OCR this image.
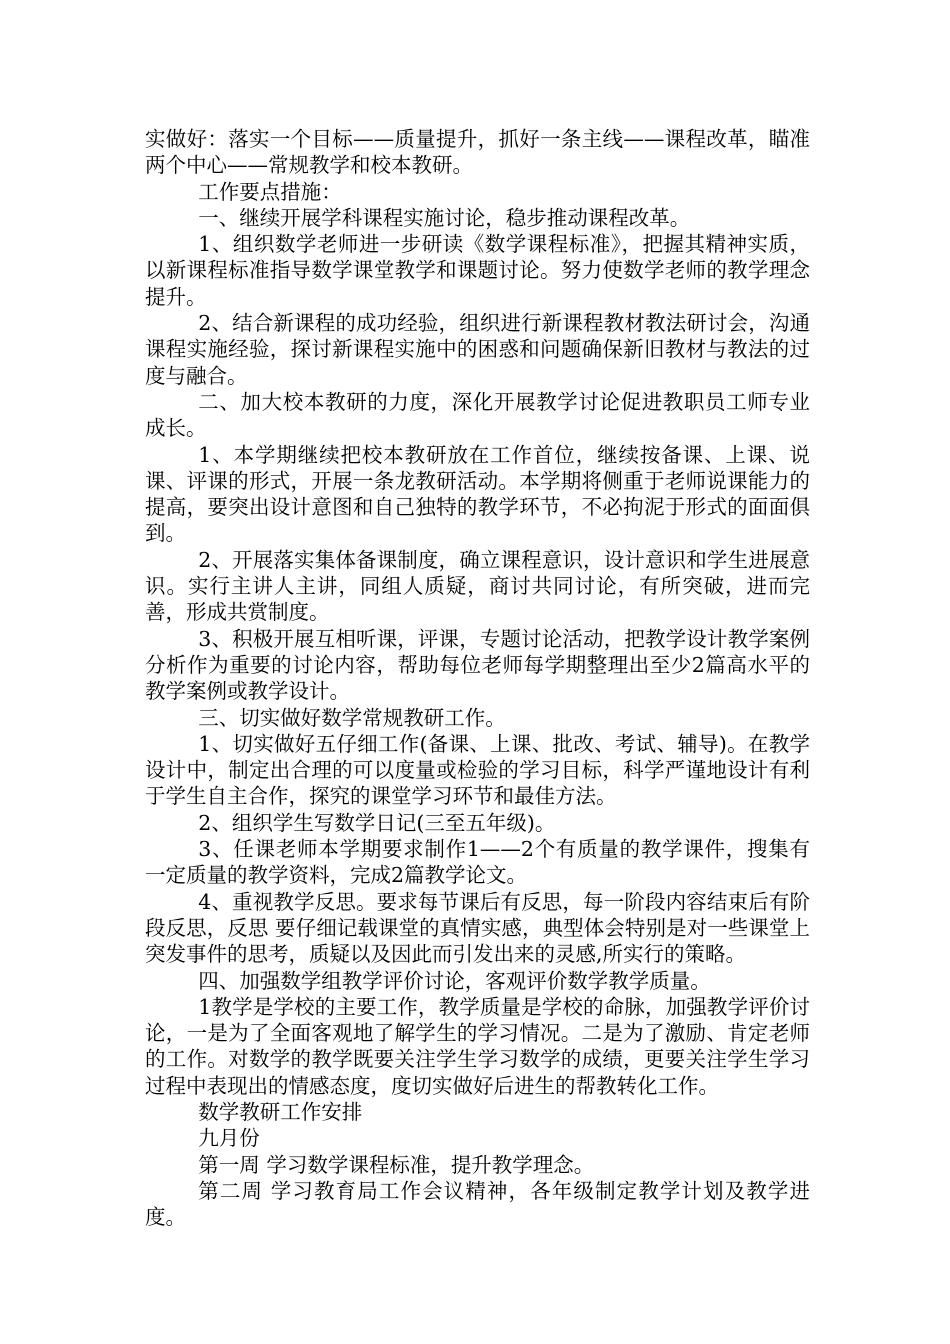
实做好：落实一个目标——质量提升，抓好一条主线——课程改革，瞄准两个中心——常规教学和校本教研。

工作要点措施：

一、继续开展学科课程实施讨论，稳步推动课程改革。

1、组织数学老师进一步研读《数学课程标准》，把握其精神实质，以新课程标准指导数学课堂教学和课题讨论。努力使数学老师的教学理念提升。

2、结合新课程的成功经验，组织进行新课程教材教法研讨会，沟通课程实施经验，探讨新课程实施中的困惑和问题确保新旧教材与教法的过度与融合。

二、加大校本教研的力度，深化开展教学讨论促进教职员工师专业成长。

1、本学期继续把校本教研放在工作首位，继续按备课、上课、说课、评课的形式，开展一条龙教研活动。本学期将侧重于老师说课能力的提高，要突出设计意图和自己独特的教学环节，不必拘泥于形式的面面俱到。

2、开展落实集体备课制度，确立课程意识，设计意识和学生进展意识。实行主讲人主讲，同组人质疑，商讨共同讨论，有所突破，进而完善，形成共赏制度。

3、积极开展互相听课，评课，专题讨论活动，把教学设计教学案例分析作为重要的讨论内容，帮助每位老师每学期整理出至少2篇高水平的教学案例或教学设计。

三、切实做好数学常规教研工作。

1、切实做好五仔细工作(备课、上课、批改、考试、辅导)。在教学设计中，制定出合理的可以度量或检验的学习目标，科学严谨地设计有利于学生自主合作，探究的课堂学习环节和最佳方法。

2、组织学生写数学日记(三至五年级)。

3、任课老师本学期要求制作1——2个有质量的教学课件，搜集有一定质量的教学资料，完成2篇教学论文。

4、重视教学反思。要求每节课后有反思，每一阶段内容结束后有阶段反思，反思 要仔细记载课堂的真情实感，典型体会特别是对一些课堂上突发事件的思考，质疑以及因此而引发出来的灵感,所实行的策略。

四、加强数学组教学评价讨论，客观评价数学教学质量。

1教学是学校的主要工作，教学质量是学校的命脉，加强教学评价讨论，一是为了全面客观地了解学生的学习情况。二是为了激励、肯定老师的工作。对数学的教学既要关注学生学习数学的成绩，更要关注学生学习过程中表现出的情感态度，度切实做好后进生的帮教转化工作。

数学教研工作安排

九月份

第一周 学习数学课程标准，提升教学理念。

第二周 学习教育局工作会议精神，各年级制定教学计划及教学进度。
